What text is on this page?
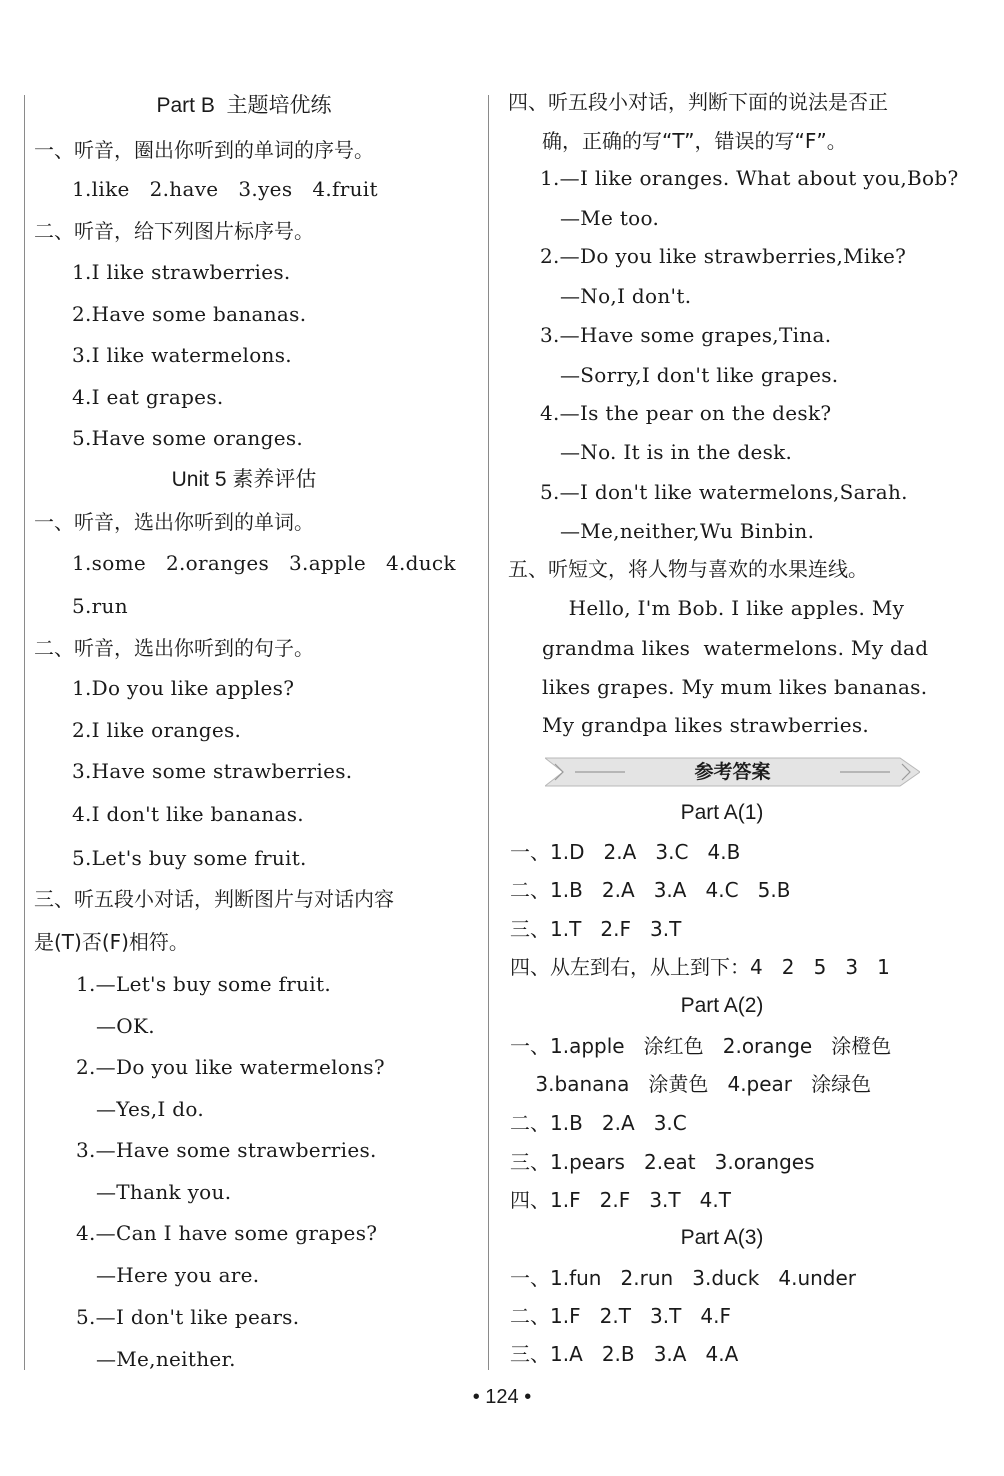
Part B  主题培优练
一、听音，圈出你听到的单词的序号。
1.like   2.have   3.yes   4.fruit
二、听音，给下列图片标序号。
1.I like strawberries.
2.Have some bananas.
3.I like watermelons.
4.I eat grapes.
5.Have some oranges.
Unit 5 素养评估
一、听音，选出你听到的单词。
1.some   2.oranges   3.apple   4.duck
5.run
二、听音，选出你听到的句子。
1.Do you like apples?
2.I like oranges.
3.Have some strawberries.
4.I don't like bananas.
5.Let's buy some fruit.
三、听五段小对话，判断图片与对话内容
是(T)否(F)相符。
1.—Let's buy some fruit.
—OK.
2.—Do you like watermelons?
—Yes,I do.
3.—Have some strawberries.
—Thank you.
4.—Can I have some grapes?
—Here you are.
5.—I don't like pears.
—Me,neither.
四、听五段小对话，判断下面的说法是否正
确，正确的写“T”，错误的写“F”。
1.—I like oranges. What about you,Bob?
—Me too.
2.—Do you like strawberries,Mike?
—No,I don't.
3.—Have some grapes,Tina.
—Sorry,I don't like grapes.
4.—Is the pear on the desk?
—No. It is in the desk.
5.—I don't like watermelons,Sarah.
—Me,neither,Wu Binbin.
五、听短文，将人物与喜欢的水果连线。
Hello, I'm Bob. I like apples. My
grandma likes  watermelons. My dad
likes grapes. My mum likes bananas.
My grandpa likes strawberries.
Part A(1)
一、1.D   2.A   3.C   4.B
二、1.B   2.A   3.A   4.C   5.B
三、1.T   2.F   3.T
四、从左到右，从上到下：4   2   5   3   1
Part A(2)
一、1.apple   涂红色   2.orange   涂橙色
3.banana   涂黄色   4.pear   涂绿色
二、1.B   2.A   3.C
三、1.pears   2.eat   3.oranges
四、1.F   2.F   3.T   4.T
Part A(3)
一、1.fun   2.run   3.duck   4.under
二、1.F   2.T   3.T   4.F
三、1.A   2.B   3.A   4.A
参考答案
• 124 •
